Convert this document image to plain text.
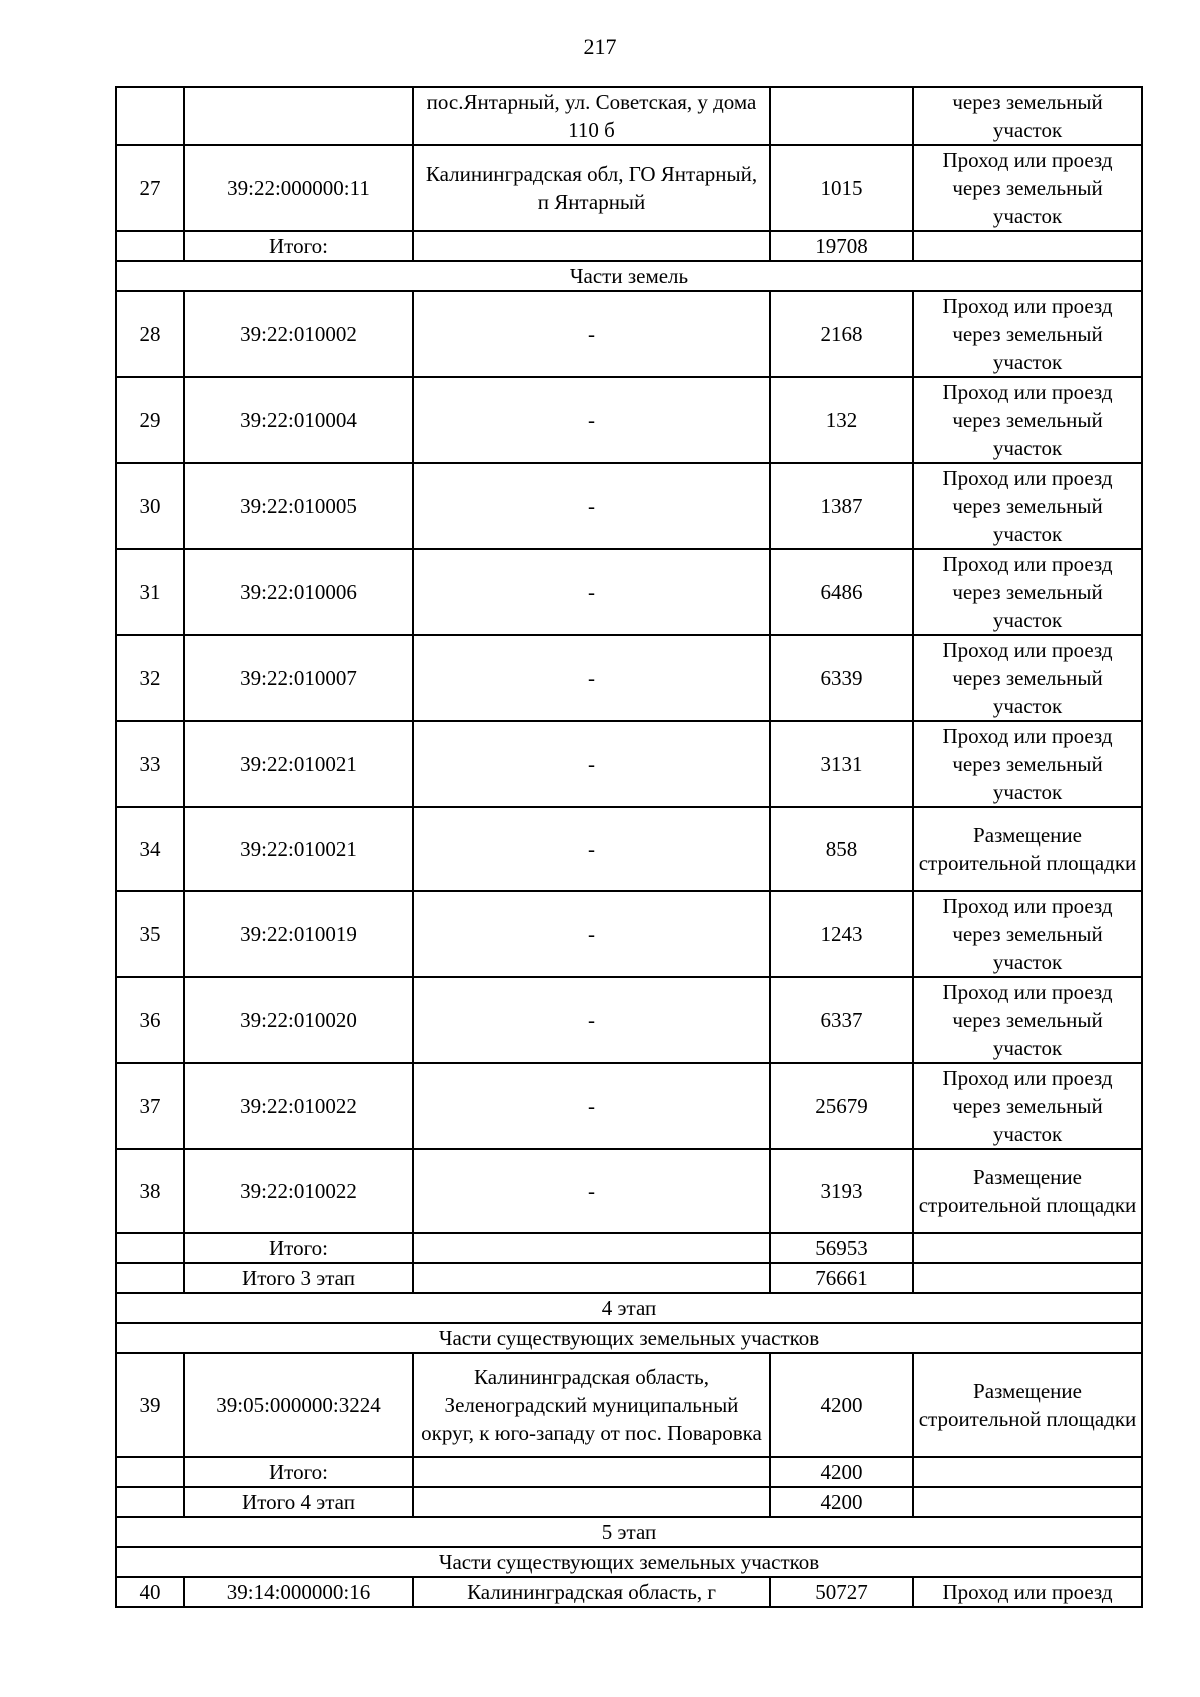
217
		пос.Янтарный, ул. Советская, у дома 110 б		через земельный участок
27	39:22:000000:11	Калининградская обл, ГО Янтарный, п Янтарный	1015	Проход или проезд через земельный участок
	Итого:		19708	
Части земель				
28	39:22:010002	-	2168	Проход или проезд через земельный участок
29	39:22:010004	-	132	Проход или проезд через земельный участок
30	39:22:010005	-	1387	Проход или проезд через земельный участок
31	39:22:010006	-	6486	Проход или проезд через земельный участок
32	39:22:010007	-	6339	Проход или проезд через земельный участок
33	39:22:010021	-	3131	Проход или проезд через земельный участок
34	39:22:010021	-	858	Размещение строительной площадки
35	39:22:010019	-	1243	Проход или проезд через земельный участок
36	39:22:010020	-	6337	Проход или проезд через земельный участок
37	39:22:010022	-	25679	Проход или проезд через земельный участок
38	39:22:010022	-	3193	Размещение строительной площадки
	Итого:		56953	
	Итого 3 этап		76661	
4 этап				
Части существующих земельных участков				
39	39:05:000000:3224	Калининградская область, Зеленоградский муниципальный округ, к юго-западу от пос. Поваровка	4200	Размещение строительной площадки
	Итого:		4200	
	Итого 4 этап		4200	
5 этап				
Части существующих земельных участков				
40	39:14:000000:16	Калининградская область, г	50727	Проход или проезд
